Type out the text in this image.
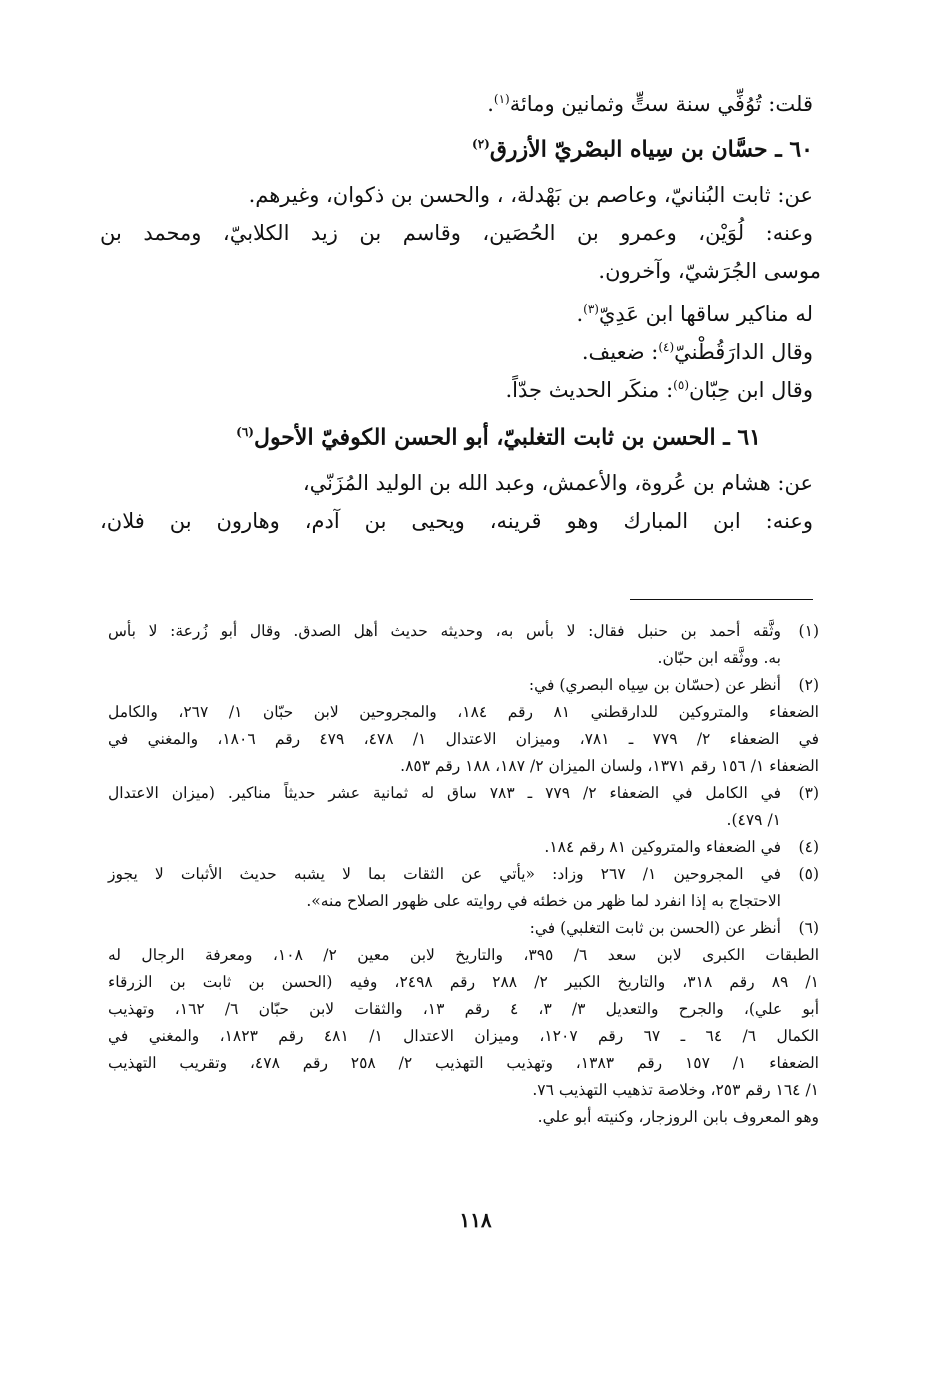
قلت: تُوُفِّي سنة ستٍّ وثمانين ومائة$^{(١)}$.
٦٠ ـ حسَّان بن سِياه البصْريّ الأزرق$^{(٢)}$
عن: ثابت البُنانيّ، وعاصم بن بَهْدلة، ، والحسن بن ذكوان، وغيرهم.
وعنه: لُوَيْن، وعمرو بن الحُصَين، وقاسم بن زيد الكلابيّ، ومحمد بن
موسى الجُرَشيّ، وآخرون.
له مناكير ساقها ابن عَدِيّ$^{(٣)}$.
وقال الدارَقُطْنيّ$^{(٤)}$: ضعيف.
وقال ابن حِبّان$^{(٥)}$: منكَر الحديث جدّاً.
٦١ ـ الحسن بن ثابت التغلبيّ، أبو الحسن الكوفيّ الأحول$^{(٦)}$
عن: هشام بن عُروة، والأعمش، وعبد الله بن الوليد المُزَنّي،
وعنه: ابن المبارك وهو قرينه، ويحيى بن آدم، وهارون بن فلان،
(١)
وثَّقه أحمد بن حنبل فقال: لا بأس به، وحديثه حديث أهل الصدق. وقال أبو زُرعة: لا بأس
به. ووثَّقه ابن حبّان.
(٢)
أنظر عن (حسّان بن سِياه البصري) في:
الضعفاء والمتروكين للدارقطني ٨١ رقم ١٨٤، والمجروحين لابن حبّان ١/ ٢٦٧، والكامل
في الضعفاء ٢/ ٧٧٩ ـ ٧٨١، وميزان الاعتدال ١/ ٤٧٨، ٤٧٩ رقم ١٨٠٦، والمغني في
الضعفاء ١/ ١٥٦ رقم ١٣٧١، ولسان الميزان ٢/ ١٨٧، ١٨٨ رقم ٨٥٣.
(٣)
في الكامل في الضعفاء ٢/ ٧٧٩ ـ ٧٨٣ ساق له ثمانية عشر حديثاً مناكير. (ميزان الاعتدال
١/ ٤٧٩).
(٤)
في الضعفاء والمتروكين ٨١ رقم ١٨٤.
(٥)
في المجروحين ١/ ٢٦٧ وزاد: «يأتي عن الثقات بما لا يشبه حديث الأثبات لا يجوز
الاحتجاج به إذا انفرد لما ظهر من خطئه في روايته على ظهور الصلاح منه».
(٦)
أنظر عن (الحسن بن ثابت التغلبي) في:
الطبقات الكبرى لابن سعد ٦/ ٣٩٥، والتاريخ لابن معين ٢/ ١٠٨، ومعرفة الرجال له
١/ ٨٩ رقم ٣١٨، والتاريخ الكبير ٢/ ٢٨٨ رقم ٢٤٩٨، وفيه (الحسن بن ثابت بن الزرقاء
أبو علي)، والجرح والتعديل ٣/ ٣، ٤ رقم ١٣، والثقات لابن حبّان ٦/ ١٦٢، وتهذيب
الكمال ٦/ ٦٤ ـ ٦٧ رقم ١٢٠٧، وميزان الاعتدال ١/ ٤٨١ رقم ١٨٢٣، والمغني في
الضعفاء ١/ ١٥٧ رقم ١٣٨٣، وتهذيب التهذيب ٢/ ٢٥٨ رقم ٤٧٨، وتقريب التهذيب
١/ ١٦٤ رقم ٢٥٣، وخلاصة تذهيب التهذيب ٧٦.
وهو المعروف بابن الروزجار، وكنيته أبو علي.
١١٨
